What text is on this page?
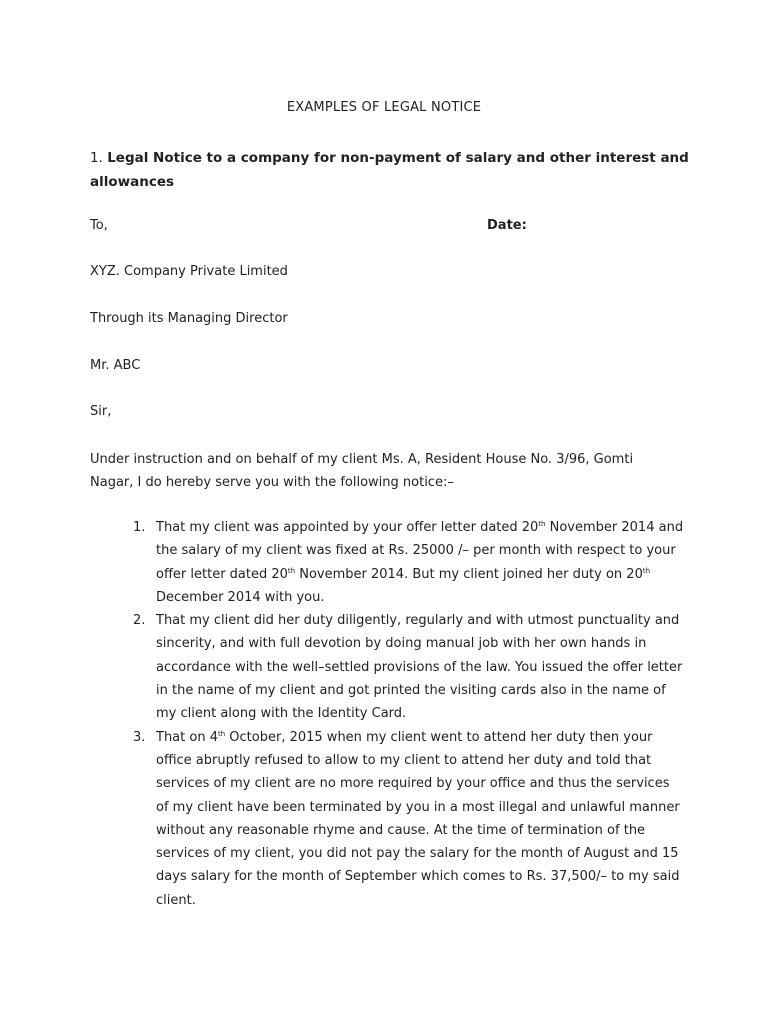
EXAMPLES OF LEGAL NOTICE
1. Legal Notice to a company for non-payment of salary and other interest and allowances
To,	Date:
XYZ. Company Private Limited
Through its Managing Director
Mr. ABC
Sir,
Under instruction and on behalf of my client Ms. A, Resident House No. 3/96, Gomti Nagar, I do hereby serve you with the following notice:–
1. That my client was appointed by your offer letter dated 20th November 2014 and the salary of my client was fixed at Rs. 25000 /– per month with respect to your offer letter dated 20th November 2014. But my client joined her duty on 20th December 2014 with you.
2. That my client did her duty diligently, regularly and with utmost punctuality and sincerity, and with full devotion by doing manual job with her own hands in accordance with the well–settled provisions of the law. You issued the offer letter in the name of my client and got printed the visiting cards also in the name of my client along with the Identity Card.
3. That on 4th October, 2015 when my client went to attend her duty then your office abruptly refused to allow to my client to attend her duty and told that services of my client are no more required by your office and thus the services of my client have been terminated by you in a most illegal and unlawful manner without any reasonable rhyme and cause. At the time of termination of the services of my client, you did not pay the salary for the month of August and 15 days salary for the month of September which comes to Rs. 37,500/– to my said client.
